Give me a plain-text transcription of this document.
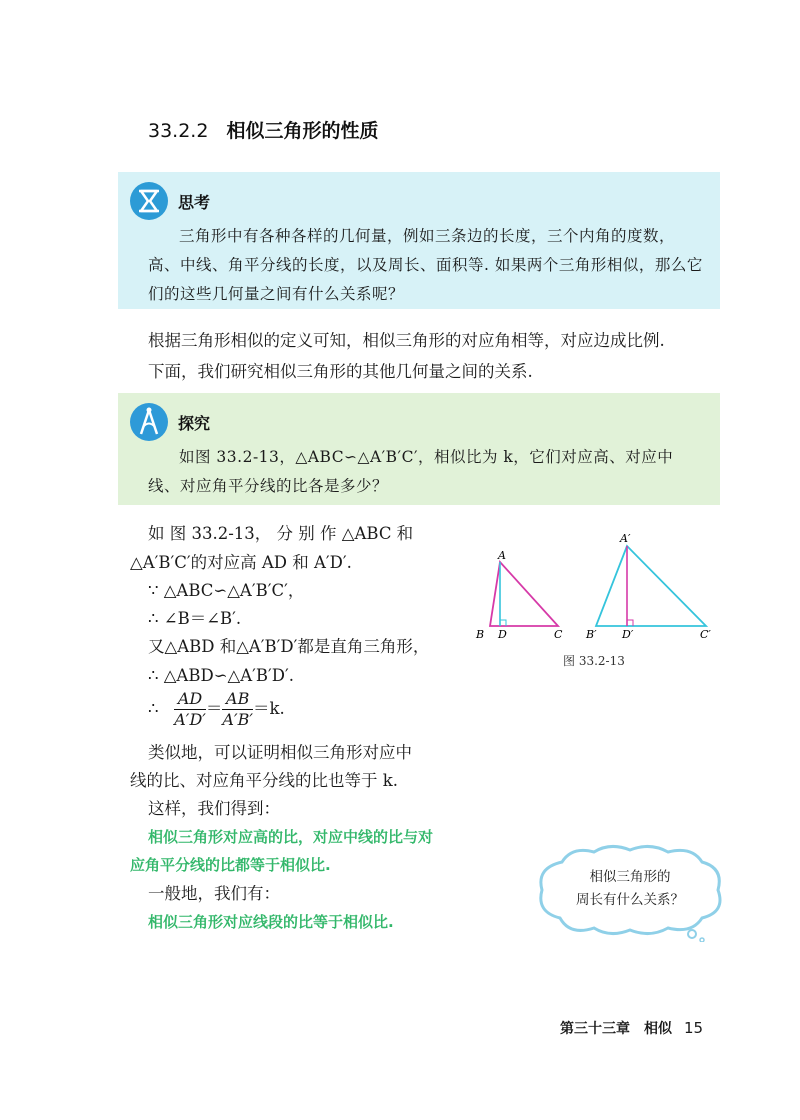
33.2.2 相似三角形的性质
思考
三角形中有各种各样的几何量，例如三条边的长度，三个内角的度数，高、中线、角平分线的长度，以及周长、面积等. 如果两个三角形相似，那么它们的这些几何量之间有什么关系呢？
根据三角形相似的定义可知，相似三角形的对应角相等，对应边成比例.
下面，我们研究相似三角形的其他几何量之间的关系.
探究
如图 33.2-13，△ABC∽△A′B′C′，相似比为 k，它们对应高、对应中线、对应角平分线的比各是多少？
如 图 33.2-13， 分 别 作 △ABC 和
△A′B′C′的对应高 AD 和 A′D′.
∵ △ABC∽△A′B′C′，
∴ ∠B＝∠B′.
又△ABD 和△A′B′D′都是直角三角形，
∴ △ABD∽△A′B′D′.
∴ $\frac{AD}{A'D'} = \frac{AB}{A'B'} =k$.
类似地，可以证明相似三角形对应中
线的比、对应角平分线的比也等于 k.
这样，我们得到：
相似三角形对应高的比，对应中线的比与对
应角平分线的比都等于相似比.
一般地，我们有：
相似三角形对应线段的比等于相似比.
A
B D	C
A′
B′ D′	C′
图 33.2-13
相似三角形的
周长有什么关系？
第三十三章　相似 15
